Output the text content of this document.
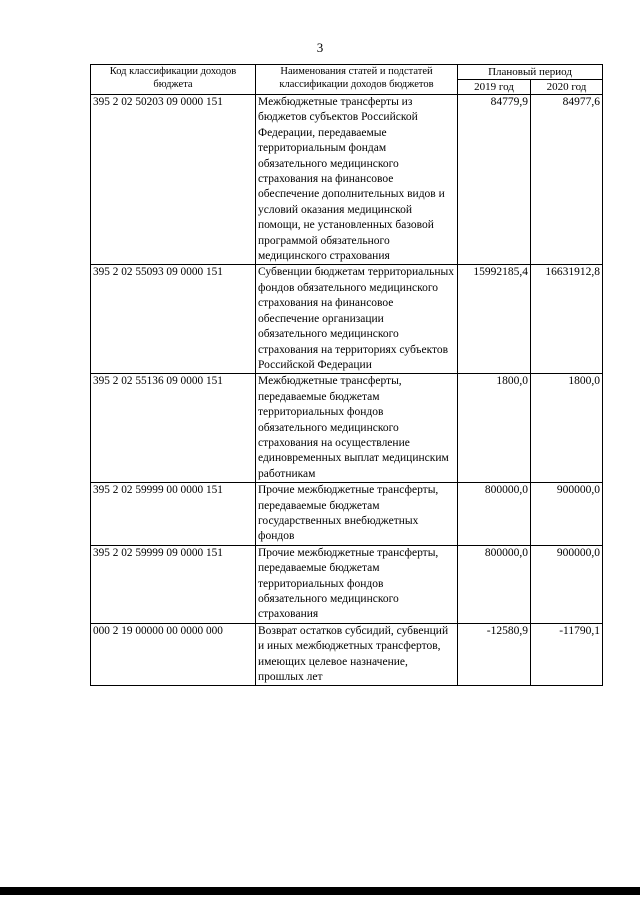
3
Код классификации доходов бюджета	Наименования статей и подстатей классификации доходов бюджетов	Плановый период	
		2019 год	2020 год
395 2 02 50203 09 0000 151	Межбюджетные трансферты из бюджетов субъектов Российской Федерации, передаваемые территориальным фондам обязательного медицинского страхования на финансовое обеспечение дополнительных видов и условий оказания медицинской помощи, не установленных базовой программой обязательного медицинского страхования	84779,9	84977,6
395 2 02 55093 09 0000 151	Субвенции бюджетам территориальных фондов обязательного медицинского страхования на финансовое обеспечение организации обязательного медицинского страхования на территориях субъектов Российской Федерации	15992185,4	16631912,8
395 2 02 55136 09 0000 151	Межбюджетные трансферты, передаваемые бюджетам территориальных фондов обязательного медицинского страхования на осуществление единовременных выплат медицинским работникам	1800,0	1800,0
395 2 02 59999 00 0000 151	Прочие межбюджетные трансферты, передаваемые бюджетам государственных внебюджетных фондов	800000,0	900000,0
395 2 02 59999 09 0000 151	Прочие межбюджетные трансферты, передаваемые бюджетам территориальных фондов обязательного медицинского страхования	800000,0	900000,0
000 2 19 00000 00 0000 000	Возврат остатков субсидий, субвенций и иных межбюджетных трансфертов, имеющих целевое назначение, прошлых лет	-12580,9	-11790,1
